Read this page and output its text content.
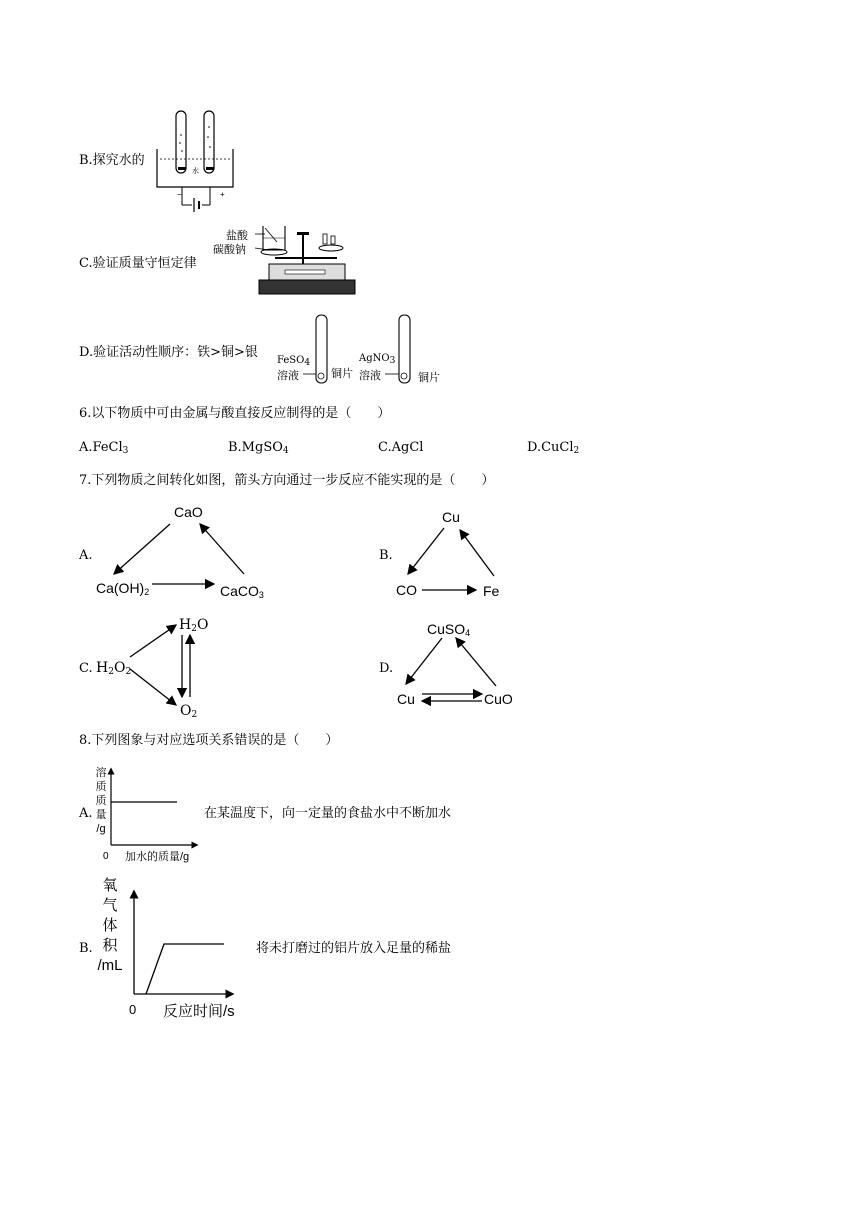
B.探究水的
水
−	+
C.验证质量守恒定律
盐酸
碳酸钠
D.验证活动性顺序：铁>铜>银
FeSO4
溶液	铜片
AgNO3
溶液	铜片
6.以下物质中可由金属与酸直接反应制得的是（　　）
A.FeCl3	B.MgSO4	C.AgCl	D.CuCl2
7.下列物质之间转化如图，箭头方向通过一步反应不能实现的是（　　）
A.
CaO
Ca(OH)2	CaCO3
B.
Cu
CO	Fe
C. H2O2
H2O
O2
D.
CuSO4
Cu	CuO
8.下列图象与对应选项关系错误的是（　　）
A.
溶
质
质
量
/g
0 加水的质量/g
在某温度下，向一定量的食盐水中不断加水
B.
氧
气
体
积
/mL
0 反应时间/s
将未打磨过的铝片放入足量的稀盐
